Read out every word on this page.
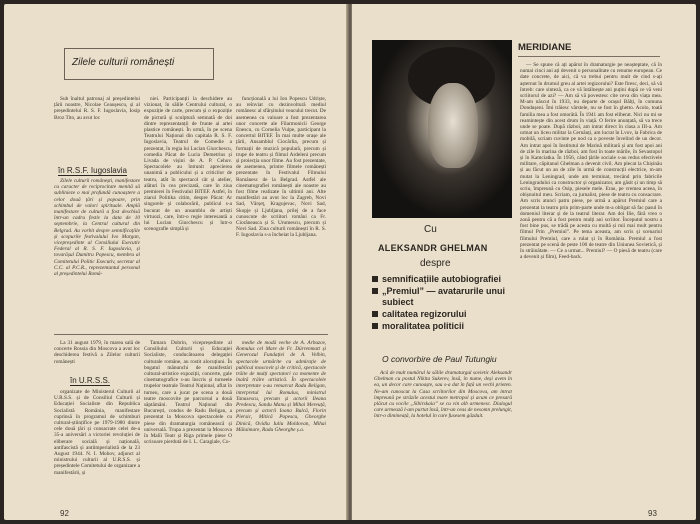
Zilele culturii românești

Sub înaltul patronaj al președintelui țării noastre, Nicolae Ceaușescu, și al președintelui R. S. F. Iugoslavia, Iosip Broz Tito, au avut loc

în R.S.F. Iugoslavia

Zilele culturii românești, manifestare cu caracter de reciprocitate menită să sublinieze o mai profundă cunoaștere a celor două țări și popoare, prin schimbul de valori spirituale. Amplă manifestare de cultură a fost deschisă într-un cadru festiv la data de 10 septembrie, la Centrul cultural din Belgrad. Au vorbit despre semnificațiile și scopurile festivalului Ivo Margan, vicepreședinte al Consiliului Executiv Federal al R. S. F. Iugoslavia, și tovarășul Dumitru Popescu, membru al Comitetului Politic Executiv, secretar al C.C. al P.C.R., reprezentantul personal al președintelui Româ-

niei. Participanții la deschidere au vizionat, în sălile Centrului cultural, o expoziție de carte, precum și o expoziție de pictură și sculptură semnată de doi dintre reprezentanții de frunte ai artei plastice românești. În urmă, în pe scena Teatrului Național din capitala R. S. F. Iugoslavia, Teatrul de Comedie a prezentat, în regia lui Lucian Giurchescu, comedia Păcat de Lucia Demetrius și Livada de vișini de A. P. Cehov. Spectacolele au întrunit aprecierea unanimă a publicului și a criticilor de teatru, atât în spectacol cât și atelier, alături în cea precizată, care în ziua premierei în Festivalul BITEF. Astfel, în ziarul Politika citim, despre Păcat: Ar singurele și colaborării, publicul s-a bucurat de un ansamblu de artiști virtuozi, care, într-o regie interesantă a lui Lucian Giurchescu și într-o scenografie simplă și

funcțională a lui Ion Popescu Udriște, au reînviat cu dezinvoltură mediul românesc al sfârșitului veacului trecut. De asemenea cu valoare a fost prezentarea unor concerte ale Filarmonicii George Enescu, cu Cornelia Vulpe, participant la concertul BITEF. În mai multe orașe ale țării, Ansamblul Ciocârlia, precum și formații de muzică populară, precum și trupe de teatru și filmul Ardeleni precum și proiecția unor filme. Au fost prezentate, de asemenea, printre filmele românești prezentate în Festivalul Filmului Românesc de la Belgrad. Astfel ale cinematografiei românești ale noastre au fost filme realizate în ultimii ani. Alte manifestări au avut loc la Zagreb, Novi Sad, Vârșeț, Kragujevac, Novi Sad, Skopje și Ljubljana, prilej de a face cunoscute de scriitori români ca Fr. Ciorăneasca și S. Urumescu, precum și Novi Sad. Ziua culturii românești în R. S. F. Iugoslavia s-a încheiat la Ljubljana.

La 31 august 1979, în marea sală de concerte Rossia din Moscova a avut loc deschiderea festivă a Zilelor culturii românești

în U.R.S.S.

organizate de Ministerul Culturii al U.R.S.S. și de Consiliul Culturii și Educației Socialiste din Republica Socialistă România, manifestare cuprinsă în programul de schimburi cultural-științifice pe 1979-1980 dintre cele două țări și consacrate celei de-a 35-a aniversări a victoriei revoluției de eliberare socială și națională, antifascistă și antiimperialistă de la 23 August 1944. N. I. Mohov, adjunct al ministrului culturii al U.R.S.S. și președintele Comitetului de organizare a manifestării, și

Tamara Dobrin, vicepreședinte al Consiliului Culturii și Educației Socialiste, conducătoarea delegației culturale române, au rostit alocuțiuni. În bogatul mănunchi de manifestări cultural-artistice expoziții, concerte, gale cinematografice s-au înscris și turneele trupelor teatrale Teatrul Național, aflat în turneu, care a jucat pe scena a două teatre moscovite pe parcursul a două săptămâni. Teatrul Național din București, condus de Radu Beligan, a prezentat la Moscova spectacolele cu piese din dramaturgia românească și universală. Trupa a prezentat la Moscova în Malîi Teatr și Riga primele piese O scrisoare pierdută de I. L. Caragiale, Co-

medie de modă veche de A. Arbuzov, Romulus cel Mare de Fr. Dürrenmatt și Generozul Fundației de A. Velbin, spectacole urmărite cu admirație de publicul moscovit și de critică, spectacole trăite de mulți spectatori ca momente de înaltă trăire artistică. În spectacolele interpretate s-au remarcat Radu Beligan, interpretul lui Romulus, ministrul Tanasescu, precum și actorii Ileana Predescu, Sandu Manu și Mihai Mereuță, precum și actorii Ioana Bulcă, Florin Piersic, Mitică Popescu, Gheorghe Dinică, Ovidiu Iuliu Moldovan, Mihai Mălaimare, Radu Gheorghe ș.a.

92
MERIDIANE
Cu
ALEKSANDR GHELMAN
despre
semnificațiile autobiografiei
„Premiul” — avatarurile unui subiect
calitatea regizorului
moralitatea politicii
O convorbire de Paul Tutungiu

Acă de mult numărul la sălile dramaturgul sovietic Aleksandr Ghelman cu postul Nikita Sukerev, însă, în nume, deși avem în ea, un decor care cunoaște, sau s-a dat în față un vechi prieten. Ne-am cunoscut la Casa scriitorilor din Moscova, am intrat împreună pe străzile acestui mare metropol și acum ce presară plăcut cu vocile „Sibirskaia” se cu vin alb armenesc. Dialogul care urmează l-am purtat însă, într-un ceas de nesomn prelungit, într-o dimineață, la hotelul în care fusesem găzduit.

— Se spune că ați apărut în dramaturgie pe neașteptate, că în numai cinci ani ați devenit o personalitate cu renume european. Ce date concrete, de aici, că va trebui pentru mult de cind s-ați așternut în drumul greu al artei regizorului? Este firesc, deci, să vă întreb: care sinteză, ca ce vă întâlnește ani puțini după ce vă veni scriitorul de azi? — Am să vă povestesc cite ceva din viața mea. M-am născut în 1933, nu departe de orașul Bălți, în comuna Dondușeni. Îmi trăiesc vârstele, nu se fost în ghetto. Acolo, toată familia mea a fost omorâtă. În 1941 am fost eliberat. Nici nu mi se reamintește din acest drum în viață. O ferire anunțată, să va trece unde se poate. După război, am intrat direct în clasa a III-a. Am urmat un liceu militar la Cernăuți, am lucrat în Lvov, la Fabrica de mobilă, scriam cuvinte pe nod ca o poveste învelind de un decor. Am intrat apoi în Institutul de Marină militară și am fost apoi ani de zile în marina de război, am fost în toate mările, în Sevastopol și în Kamciatka. În 1956, când țările sociale s-au redus efectivele militare, căpitanul Ghelman a devenit civil. Am plecat la Chișinău și au făcut un an de zile în urmă de construcții electrice, m-am mutat la Leningrad, unde am terminat, trecând prin fabricile Leningradului ca constructor și organizator, am găsit și un timp să scriu, împreună cu Osip, piesele mele. Erau, pe vremea aceea, în obișnuitul meu. Scriam, ca jurnalist, piese de teatru cu consacrare. Am scris atunci patru piese, pe urmă a apărut Premiul care a prezentat la teatru prin prim-parte unde m-a obligat să fac pasul în domeniul literar și de la teatrul literar. Am doi Ilie, fără vreo o zonă pentru că a fost pentru mulți ani scriitor. Începutul nostru a fost bine pus, se trădă pe acesta cu multă și mii mai mult pentru filmul Prin „Premiul”. Pe tema aceasta, am scris și scenariul filmului Premiul, care a rulat și în România. Premiul a fost prezentat pe scenă de peste 100 de teatre din Uniunea Sovietică, și în străinătate. — Ce a urmat... Premiul? — O piesă de teatru (care a devenit și film), Feed-back.

93
